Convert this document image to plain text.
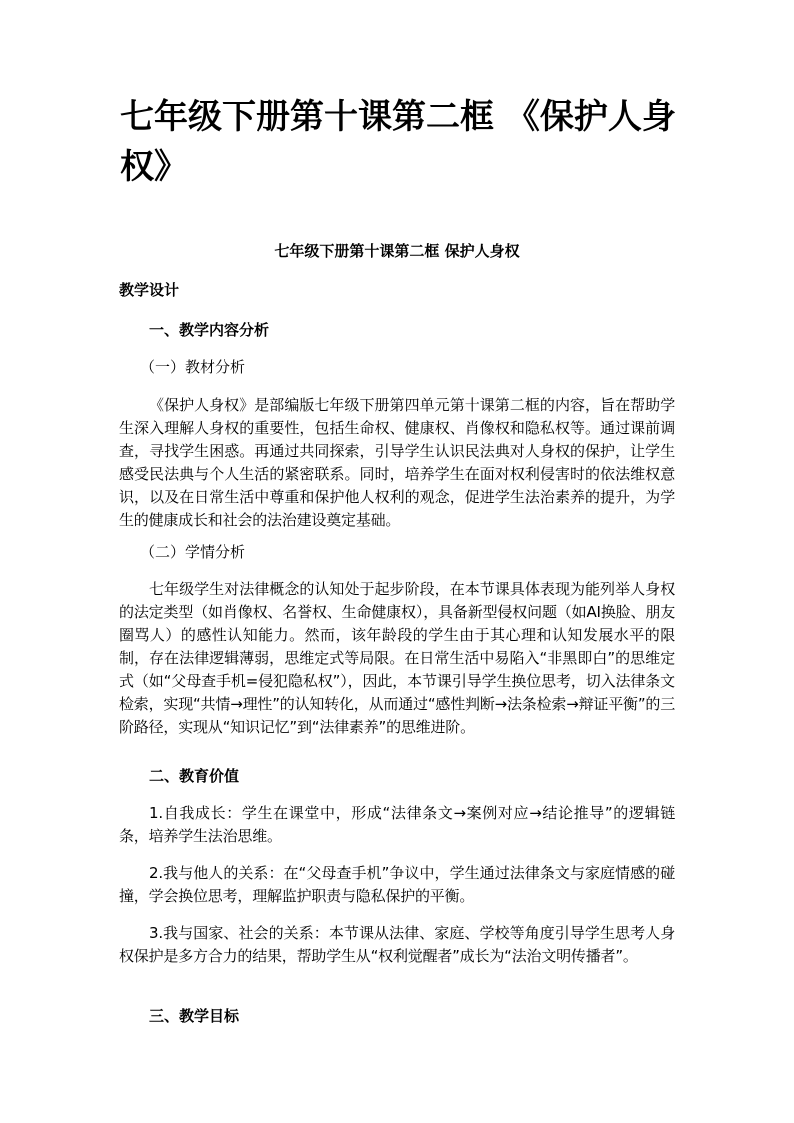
七年级下册第十课第二框 《保护人身权》

七年级下册第十课第二框 保护人身权

教学设计

一、教学内容分析

（一）教材分析

《保护人身权》是部编版七年级下册第四单元第十课第二框的内容，旨在帮助学生深入理解人身权的重要性，包括生命权、健康权、肖像权和隐私权等。通过课前调查，寻找学生困惑。再通过共同探索，引导学生认识民法典对人身权的保护，让学生感受民法典与个人生活的紧密联系。同时，培养学生在面对权利侵害时的依法维权意识，以及在日常生活中尊重和保护他人权利的观念，促进学生法治素养的提升，为学生的健康成长和社会的法治建设奠定基础。

（二）学情分析

七年级学生对法律概念的认知处于起步阶段，在本节课具体表现为能列举人身权的法定类型（如肖像权、名誉权、生命健康权），具备新型侵权问题（如AI换脸、朋友圈骂人）的感性认知能力。然而，该年龄段的学生由于其心理和认知发展水平的限制，存在法律逻辑薄弱，思维定式等局限。在日常生活中易陷入“非黑即白”的思维定式（如“父母查手机=侵犯隐私权”），因此，本节课引导学生换位思考，切入法律条文检索，实现“共情→理性”的认知转化，从而通过“感性判断→法条检索→辩证平衡”的三阶路径，实现从“知识记忆”到“法律素养”的思维进阶。

二、教育价值

1.自我成长：学生在课堂中，形成“法律条文→案例对应→结论推导”的逻辑链条，培养学生法治思维。

2.我与他人的关系：在“父母查手机”争议中，学生通过法律条文与家庭情感的碰撞，学会换位思考，理解监护职责与隐私保护的平衡。

3.我与国家、社会的关系：本节课从法律、家庭、学校等角度引导学生思考人身权保护是多方合力的结果，帮助学生从“权利觉醒者”成长为“法治文明传播者”。

三、教学目标
